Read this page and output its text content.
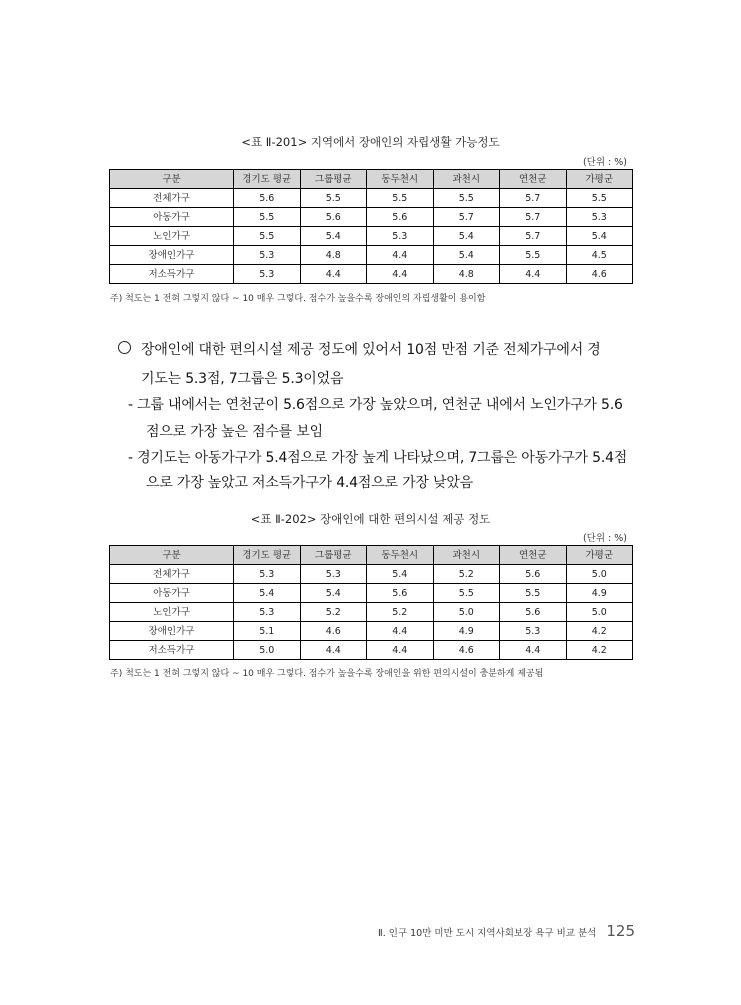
<표 Ⅱ-201> 지역에서 장애인의 자립생활 가능정도
(단위 : %)
구분	경기도 평균	그룹평균	동두천시	과천시	연천군	가평군
전체가구	5.6	5.5	5.5	5.5	5.7	5.5
아동가구	5.5	5.6	5.6	5.7	5.7	5.3
노인가구	5.5	5.4	5.3	5.4	5.7	5.4
장애인가구	5.3	4.8	4.4	5.4	5.5	4.5
저소득가구	5.3	4.4	4.4	4.8	4.4	4.6
주) 척도는 1 전혀 그렇지 않다 ~ 10 매우 그렇다. 점수가 높을수록 장애인의 자립생활이 용이함
장애인에 대한 편의시설 제공 정도에 있어서 10점 만점 기준 전체가구에서 경
기도는 5.3점, 7그룹은 5.3이었음
- 그룹 내에서는 연천군이 5.6점으로 가장 높았으며, 연천군 내에서 노인가구가 5.6
점으로 가장 높은 점수를 보임
- 경기도는 아동가구가 5.4점으로 가장 높게 나타났으며, 7그룹은 아동가구가 5.4점
으로 가장 높았고 저소득가구가 4.4점으로 가장 낮았음
<표 Ⅱ-202> 장애인에 대한 편의시설 제공 정도
(단위 : %)
구분	경기도 평균	그룹평균	동두천시	과천시	연천군	가평군
전체가구	5.3	5.3	5.4	5.2	5.6	5.0
아동가구	5.4	5.4	5.6	5.5	5.5	4.9
노인가구	5.3	5.2	5.2	5.0	5.6	5.0
장애인가구	5.1	4.6	4.4	4.9	5.3	4.2
저소득가구	5.0	4.4	4.4	4.6	4.4	4.2
주) 척도는 1 전혀 그렇지 않다 ~ 10 매우 그렇다. 점수가 높을수록 장애인을 위한 편의시설이 충분하게 제공됨
Ⅱ. 인구 10만 미만 도시 지역사회보장 욕구 비교 분석 125
